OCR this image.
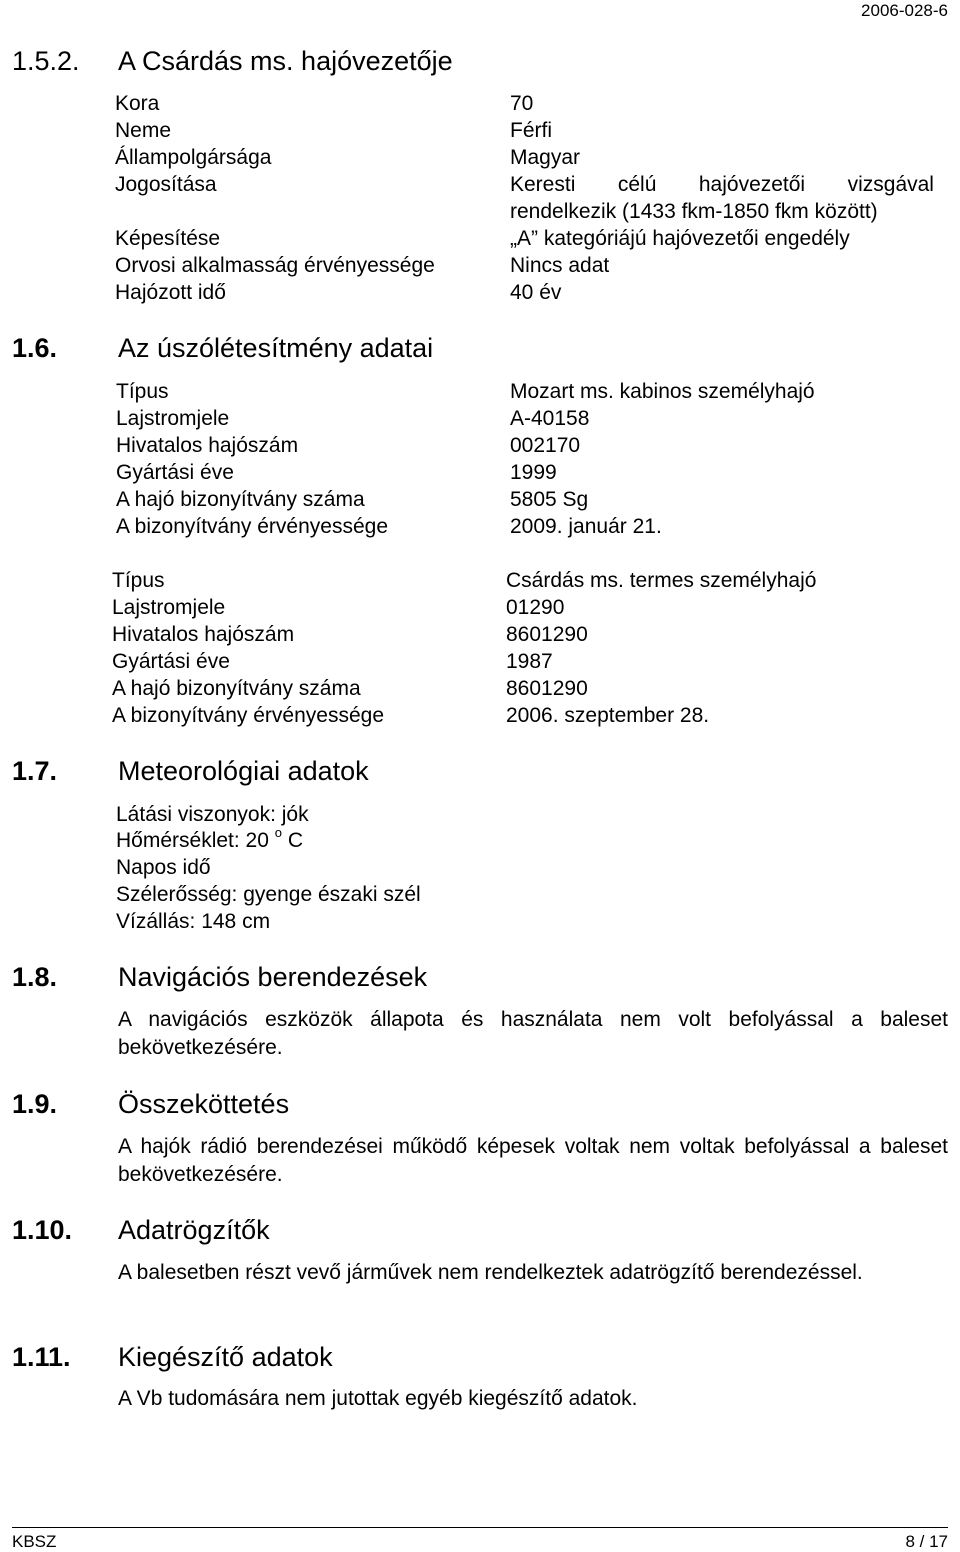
2006-028-6
1.5.2. A Csárdás ms. hajóvezetője
Kora	70
Neme	Férfi
Állampolgársága	Magyar
Jogosítása	Keresti célú hajóvezetői vizsgával
rendelkezik (1433 fkm-1850 fkm között)
Képesítése	„A” kategóriájú hajóvezetői engedély
Orvosi alkalmasság érvényessége	Nincs adat
Hajózott idő	40 év
1.6. Az úszólétesítmény adatai
Típus	Mozart ms. kabinos személyhajó
Lajstromjele	A-40158
Hivatalos hajószám	002170
Gyártási éve	1999
A hajó bizonyítvány száma	5805 Sg
A bizonyítvány érvényessége	2009. január 21.
Típus	Csárdás ms. termes személyhajó
Lajstromjele	01290
Hivatalos hajószám	8601290
Gyártási éve	1987
A hajó bizonyítvány száma	8601290
A bizonyítvány érvényessége	2006. szeptember 28.
1.7. Meteorológiai adatok
Látási viszonyok: jók
Hőmérséklet: 20 $^o$ C
Napos idő
Szélerősség: gyenge északi szél
Vízállás: 148 cm
1.8. Navigációs berendezések
A navigációs eszközök állapota és használata nem volt befolyással a baleset bekövetkezésére.
1.9. Összeköttetés
A hajók rádió berendezései működő képesek voltak nem voltak befolyással a baleset bekövetkezésére.
1.10. Adatrögzítők
A balesetben részt vevő járművek nem rendelkeztek adatrögzítő berendezéssel.
1.11. Kiegészítő adatok
A Vb tudomására nem jutottak egyéb kiegészítő adatok.
KBSZ	8 / 17
